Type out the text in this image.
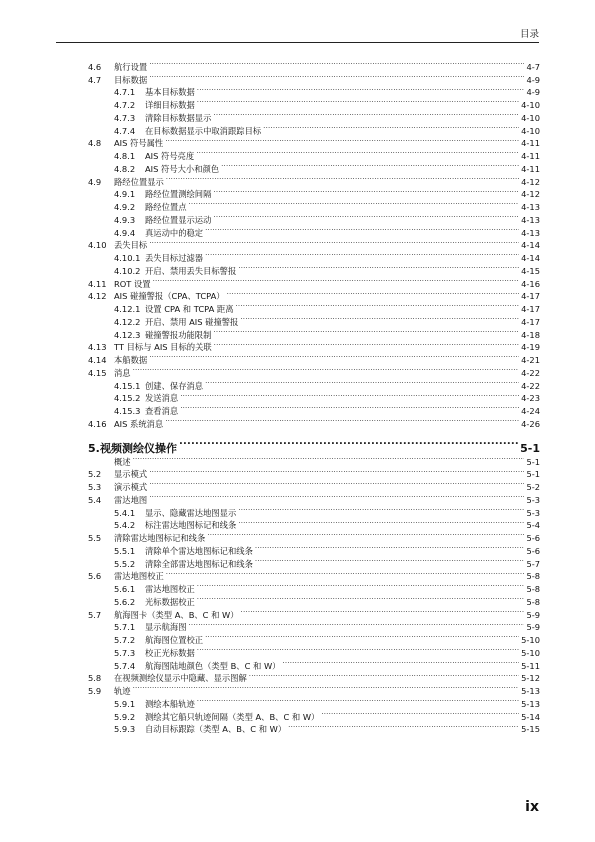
目录
4.6	航行设置 .....	4-7
4.7	目标数据 .....	4-9
4.7.1	基本目标数据 .....	4-9
4.7.2	详细目标数据 .....	4-10
4.7.3	清除目标数据显示 .....	4-10
4.7.4	在目标数据显示中取消跟踪目标 .....	4-10
4.8	AIS 符号属性 .....	4-11
4.8.1	AIS 符号亮度 .....	4-11
4.8.2	AIS 符号大小和颜色 .....	4-11
4.9	路经位置显示 .....	4-12
4.9.1	路经位置测绘间隔 .....	4-12
4.9.2	路经位置点 .....	4-13
4.9.3	路经位置显示运动 .....	4-13
4.9.4	真运动中的稳定 .....	4-13
4.10 丢失目标 .....	4-14
4.10.1 丢失目标过滤器 .....	4-14
4.10.2 开启、禁用丢失目标警报 .....	4-15
4.11 ROT 设置 .....	4-16
4.12 AIS 碰撞警报（CPA、TCPA） .....	4-17
4.12.1 设置 CPA 和 TCPA 距离 .....	4-17
4.12.2 开启、禁用 AIS 碰撞警报 .....	4-17
4.12.3 碰撞警报功能限制 .....	4-18
4.13 TT 目标与 AIS 目标的关联 .....	4-19
4.14 本船数据 .....	4-21
4.15 消息 .....	4-22
4.15.1 创建、保存消息 .....	4-22
4.15.2 发送消息 .....	4-23
4.15.3 查看消息 .....	4-24
4.16 AIS 系统消息 .....	4-26
5. 视频测绘仪操作 .....	5-1
概述 .....	5-1
5.2	显示模式 .....	5-1
5.3	演示模式 .....	5-2
5.4	雷达地图 .....	5-3
5.4.1	显示、隐藏雷达地图显示 .....	5-3
5.4.2	标注雷达地图标记和线条 .....	5-4
5.5	清除雷达地图标记和线条 .....	5-6
5.5.1	清除单个雷达地图标记和线条 .....	5-6
5.5.2	清除全部雷达地图标记和线条 .....	5-7
5.6	雷达地图校正 .....	5-8
5.6.1	雷达地图校正 .....	5-8
5.6.2	光标数据校正 .....	5-8
5.7	航海图卡（类型 A、B、C 和 W） .....	5-9
5.7.1	显示航海图 .....	5-9
5.7.2	航海图位置校正 .....	5-10
5.7.3	校正光标数据 .....	5-10
5.7.4	航海图陆地颜色（类型 B、C 和 W） .....	5-11
5.8	在视频测绘仪显示中隐藏、显示图解 .....	5-12
5.9	轨迹 .....	5-13
5.9.1	测绘本船轨迹 .....	5-13
5.9.2	测绘其它船只轨迹间隔（类型 A、B、C 和 W） .....	5-14
5.9.3	自动目标跟踪（类型 A、B、C 和 W） .....	5-15
ix
